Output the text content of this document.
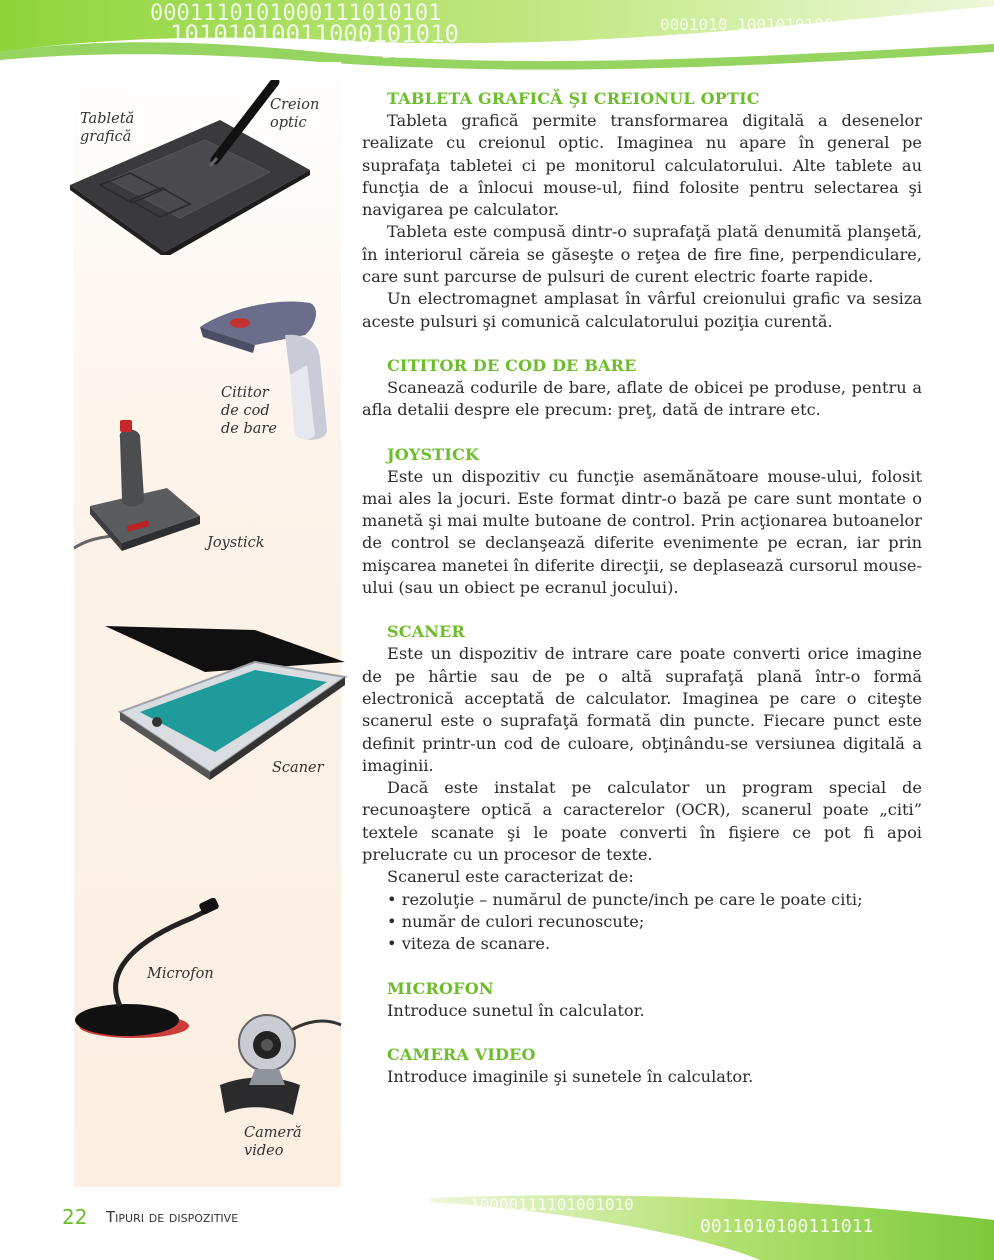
0001110101000111010101
10101010011000101010
1110001011001
0001010 1001010100
Tabletă
grafică
Creion
optic
Cititor
de cod
de bare
Joystick
Scaner
Microfon
Cameră
video
TABLETA GRAFICĂ ŞI CREIONUL OPTIC

Tableta grafică permite transformarea digitală a desenelor realizate cu creionul optic. Imaginea nu apare în general pe suprafaţa tabletei ci pe monitorul calculatorului. Alte tablete au funcţia de a înlocui mouse-ul, fiind folosite pentru selectarea şi navigarea pe calculator.

Tableta este compusă dintr-o suprafaţă plată denumită planşetă, în interiorul căreia se găseşte o reţea de fire fine, perpendiculare, care sunt parcurse de pulsuri de curent electric foarte rapide.

Un electromagnet amplasat în vârful creionului grafic va sesiza aceste pulsuri şi comunică calculatorului poziţia curentă.

CITITOR DE COD DE BARE

Scanează codurile de bare, aflate de obicei pe produse, pentru a afla detalii despre ele precum: preţ, dată de intrare etc.

JOYSTICK

Este un dispozitiv cu funcţie asemănătoare mouse-ului, folosit mai ales la jocuri. Este format dintr-o bază pe care sunt montate o manetă şi mai multe butoane de control. Prin acţionarea butoanelor de control se declanşează diferite evenimente pe ecran, iar prin mişcarea manetei în diferite direcţii, se deplasează cursorul mouse-ului (sau un obiect pe ecranul jocului).

SCANER

Este un dispozitiv de intrare care poate converti orice imagine de pe hârtie sau de pe o altă suprafaţă plană într-o formă electronică acceptată de calculator. Imaginea pe care o citeşte scanerul este o suprafaţă formată din puncte. Fiecare punct este definit printr-un cod de culoare, obţinându-se versiunea digitală a imaginii.

Dacă este instalat pe calculator un program special de recunoaştere optică a caracterelor (OCR), scanerul poate „citi” textele scanate şi le poate converti în fişiere ce pot fi apoi prelucrate cu un procesor de texte.

Scanerul este caracterizat de:

• rezoluţie – numărul de puncte/inch pe care le poate citi;
• număr de culori recunoscute;
• viteza de scanare.
MICROFON

Introduce sunetul în calculator.

CAMERA VIDEO

Introduce imaginile şi sunetele în calculator.

10000111101001010
0011010100111011
22 Tipuri de dispozitive
